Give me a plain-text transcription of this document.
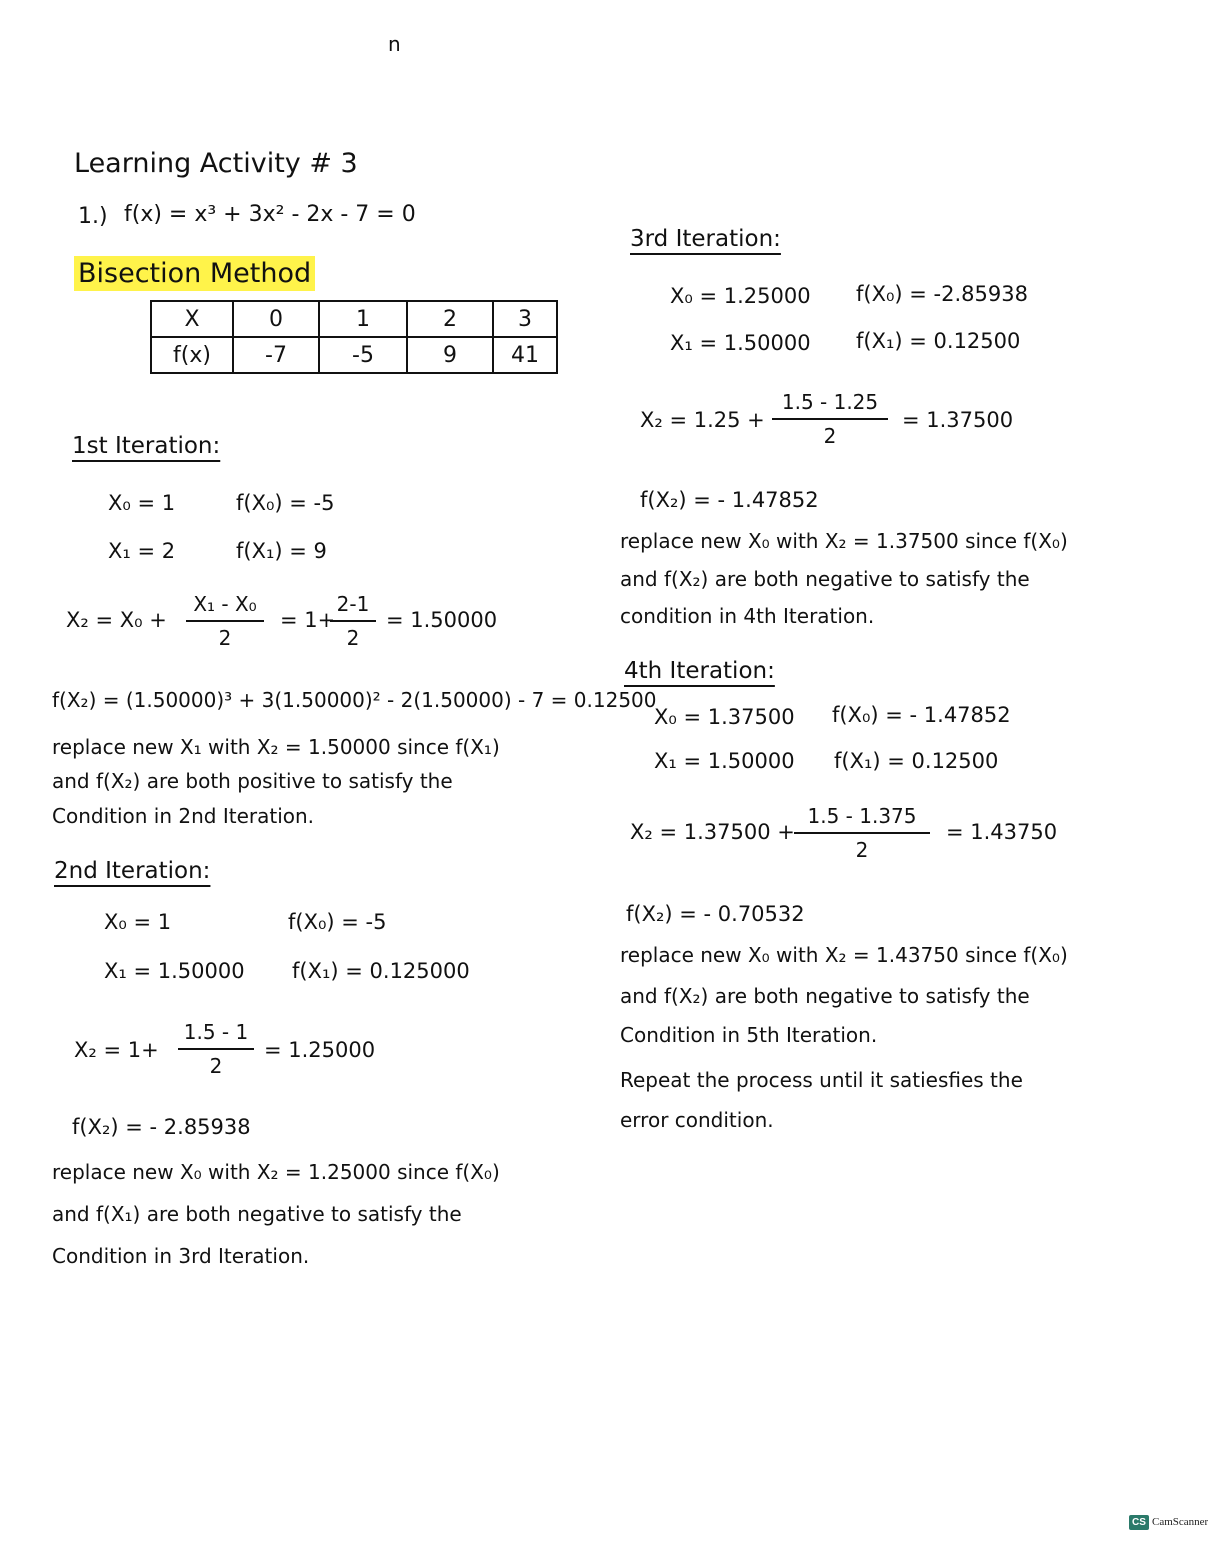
n
Learning Activity # 3
1.) f(x) = x³ + 3x² - 2x - 7 = 0
Bisection Method
X	0	1	2	3
f(x)	-7	-5	9	41
1st Iteration:
X₀ = 1	f(X₀) = -5
X₁ = 2	f(X₁) = 9
X₂ = X₀ +
X₁ - X₀
2
= 1+
2-1
2
= 1.50000
f(X₂) = (1.50000)³ + 3(1.50000)² - 2(1.50000) - 7 = 0.12500
replace new X₁ with X₂ = 1.50000 since f(X₁)
and f(X₂) are both positive to satisfy the
Condition in 2nd Iteration.
2nd Iteration:
X₀ = 1	f(X₀) = -5
X₁ = 1.50000 f(X₁) = 0.125000
X₂ = 1+
1.5 - 1
2
= 1.25000
f(X₂) = - 2.85938
replace new X₀ with X₂ = 1.25000 since f(X₀)
and f(X₁) are both negative to satisfy the
Condition in 3rd Iteration.
3rd Iteration:
X₀ = 1.25000 f(X₀) = -2.85938
X₁ = 1.50000 f(X₁) = 0.12500
X₂ = 1.25 +
1.5 - 1.25
2
= 1.37500
f(X₂) = - 1.47852
replace new X₀ with X₂ = 1.37500 since f(X₀)
and f(X₂) are both negative to satisfy the
condition in 4th Iteration.
4th Iteration:
X₀ = 1.37500 f(X₀) = - 1.47852
X₁ = 1.50000 f(X₁) = 0.12500
X₂ = 1.37500 +
1.5 - 1.375
2
= 1.43750
f(X₂) = - 0.70532
replace new X₀ with X₂ = 1.43750 since f(X₀)
and f(X₂) are both negative to satisfy the
Condition in 5th Iteration.
Repeat the process until it satiesfies the
error condition.
CS CamScanner
